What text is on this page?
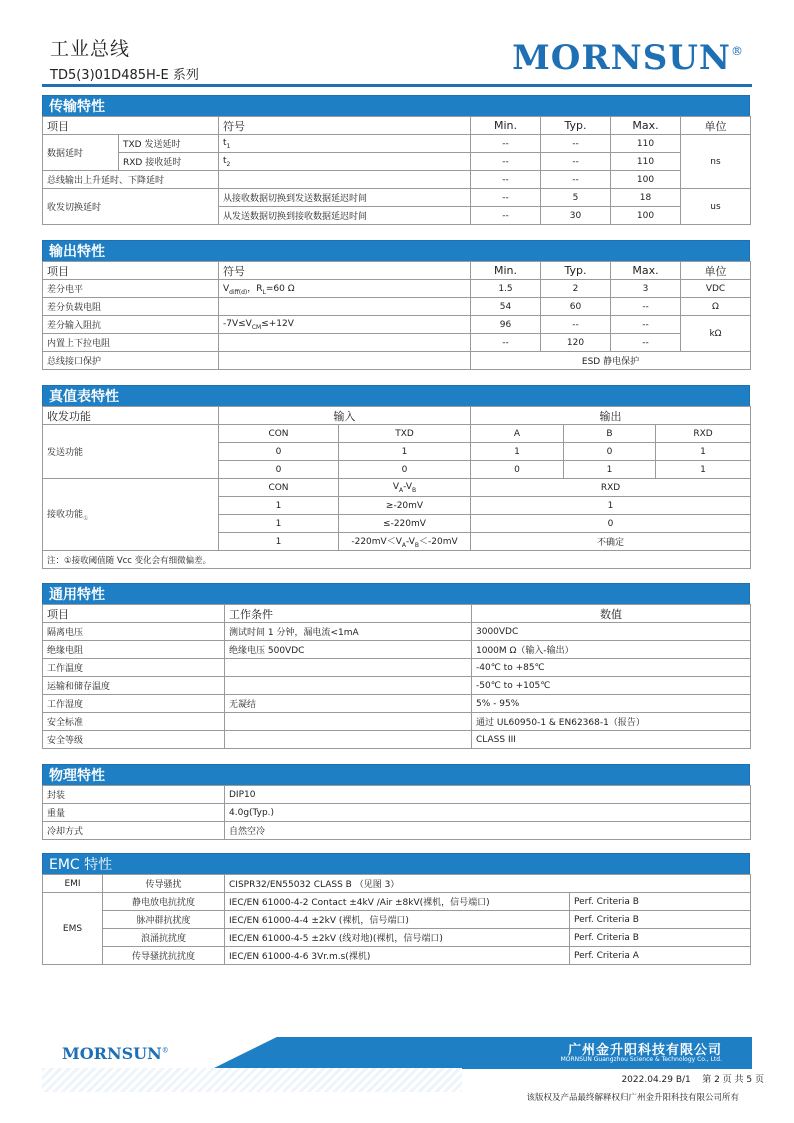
工业总线
TD5(3)01D485H-E 系列	MORNSUN®
传输特性
项目		符号	Min.	Typ.	Max.	单位
数据延时	TXD 发送延时	$t_1$	--	--	110	ns
	RXD 接收延时	$t_2$	--	--	110	
总线输出上升延时、下降延时			--	--	100	
收发切换延时		从接收数据切换到发送数据延迟时间	--	5	18	us
		从发送数据切换到接收数据延迟时间	--	30	100	
输出特性
项目	符号	Min.	Typ.	Max.	单位
差分电平	$V_{diff(d)}$，$R_L=60$ Ω	1.5	2	3	VDC
差分负载电阻		54	60	--	Ω
差分输入阻抗	$-7V\le V_{CM}\le+12V$	96	--	--	kΩ
内置上下拉电阻		--	120	--	
总线接口保护		ESD 静电保护			
真值表特性
收发功能	输入		输出		
发送功能	CON	TXD	A	B	RXD
	0	1	1	0	1
	0	0	0	1	1
接收功能$_①$	CON	$V_A-V_B$	RXD		
	1	≥-20mV	1		
	1	≤-220mV	0		
	1	$-220mV<V_A-V_B<-20mV$	不确定		
注：①接收阈值随 Vcc 变化会有细微偏差。					
通用特性
项目	工作条件	数值
隔离电压	测试时间 1 分钟，漏电流<1mA	3000VDC
绝缘电阻	绝缘电压 500VDC	1000M Ω（输入-输出）
工作温度		-40℃ to +85℃
运输和储存温度		-50℃ to +105℃
工作湿度	无凝结	5% - 95%
安全标准		通过 UL60950-1 & EN62368-1（报告）
安全等级		CLASS III
物理特性
封装	DIP10
重量	4.0g(Typ.)
冷却方式	自然空冷
EMC 特性
EMI	传导骚扰	CISPR32/EN55032 CLASS B （见图 3）	
EMS	静电放电抗扰度	IEC/EN 61000-4-2 Contact ±4kV /Air ±8kV(裸机，信号端口)	Perf. Criteria B
	脉冲群抗扰度	IEC/EN 61000-4-4 ±2kV (裸机，信号端口)	Perf. Criteria B
	浪涌抗扰度	IEC/EN 61000-4-5 ±2kV (线对地)(裸机，信号端口)	Perf. Criteria B
	传导骚扰抗扰度	IEC/EN 61000-4-6 3Vr.m.s(裸机)	Perf. Criteria A
MORNSUN®	广州金升阳科技有限公司
MORNSUN Guangzhou Science & Technology Co., Ltd.
2022.04.29 B/1 第 2 页 共 5 页
该版权及产品最终解释权归广州金升阳科技有限公司所有
